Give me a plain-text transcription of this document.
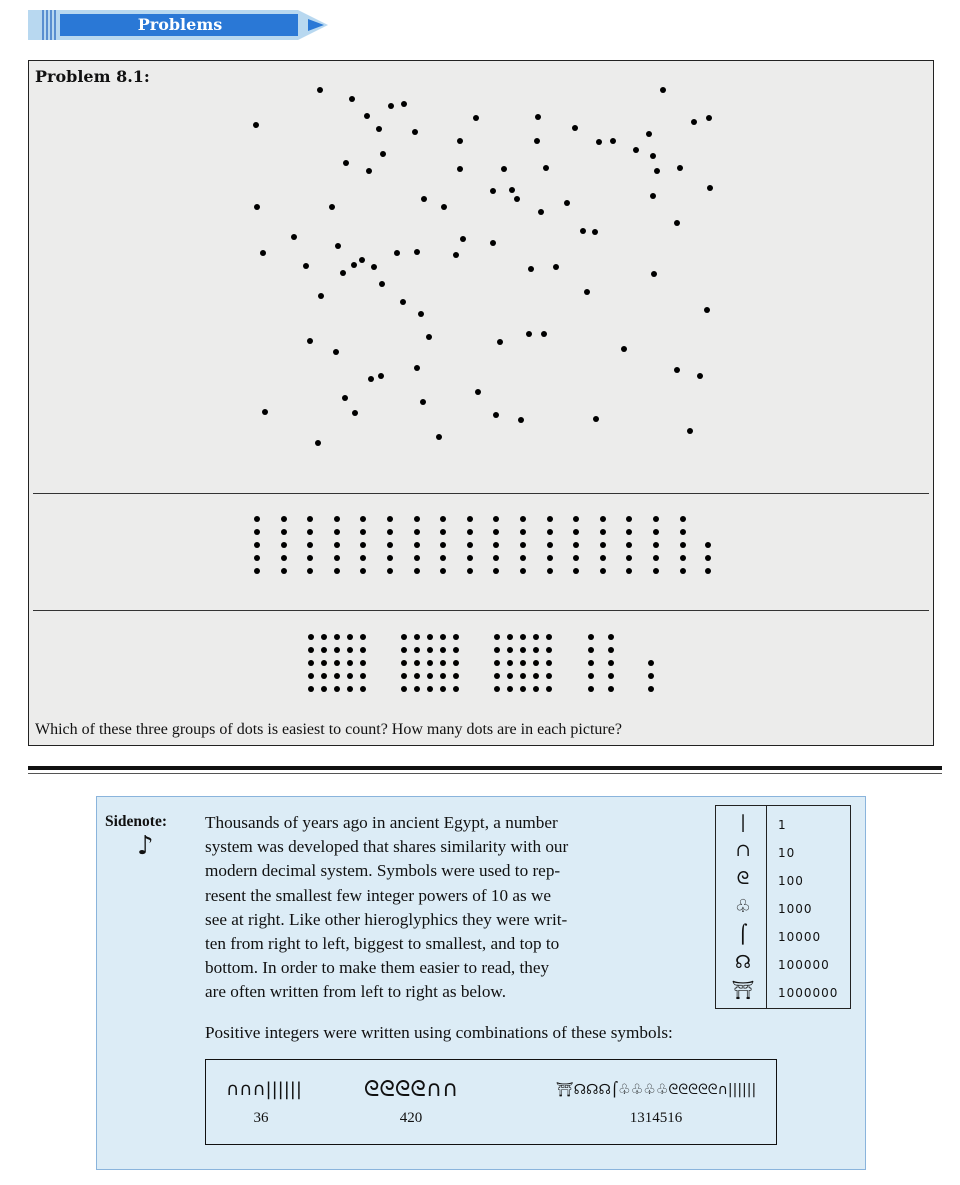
Problems
Problem 8.1:
Which of these three groups of dots is easiest to count? How many dots are in each picture?
Sidenote:
♪
Thousands of years ago in ancient Egypt, a number
system was developed that shares similarity with our
modern decimal system. Symbols were used to rep-
resent the smallest few integer powers of 10 as we
see at right. Like other hieroglyphics they were writ-
ten from right to left, biggest to smallest, and top to
bottom. In order to make them easier to read, they
are often written from left to right as below.
|	1
∩	10
ᘓ	100
♧	1000
⌠	10000
☊	100000
⛩	1000000
Positive integers were written using combinations of these symbols:
∩∩∩||||||
36
ᘓᘓᘓᘓ∩∩
420
⛩☊☊☊⌠♧♧♧♧ᘓᘓᘓᘓᘓ∩||||||
1314516
